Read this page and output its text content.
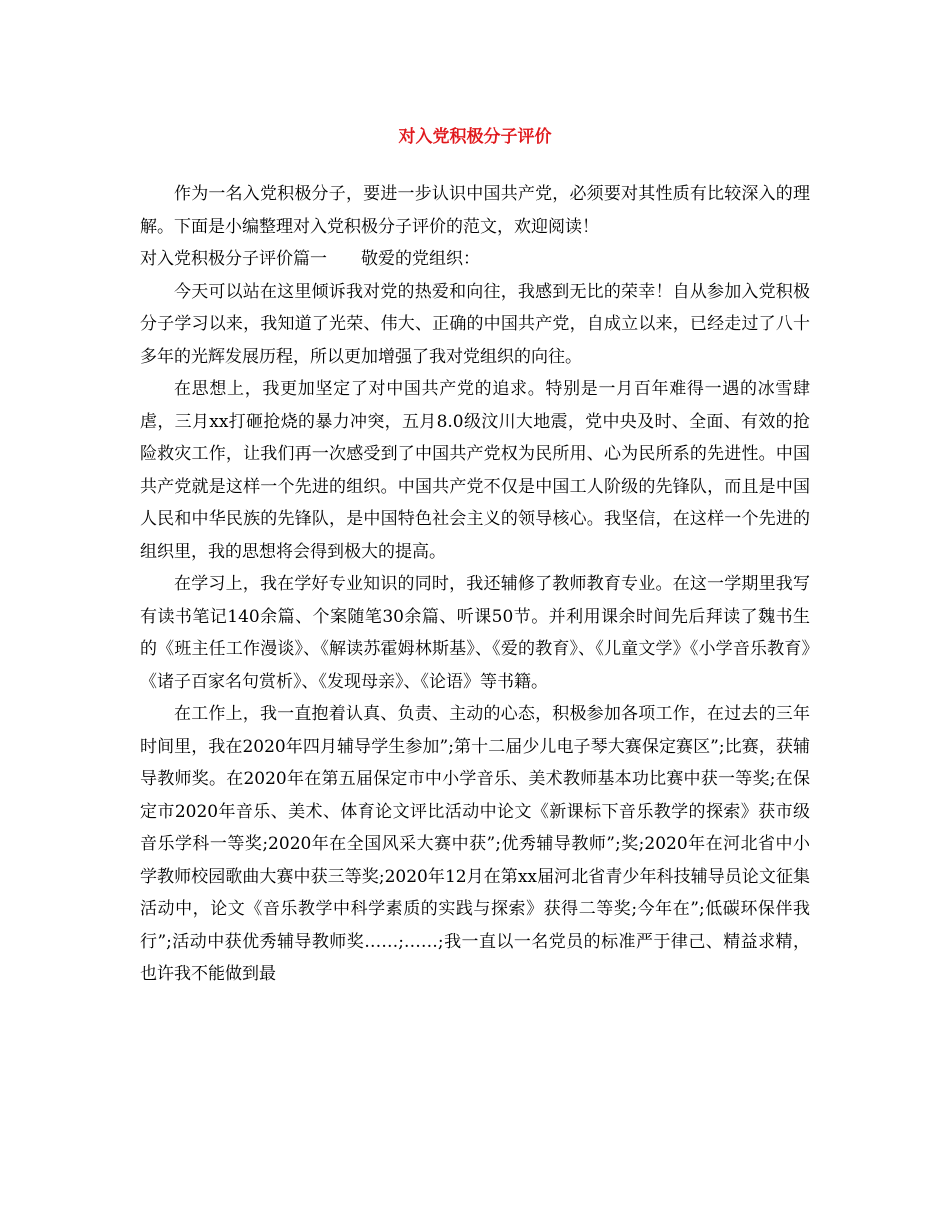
对入党积极分子评价

作为一名入党积极分子，要进一步认识中国共产党，必须要对其性质有比较深入的理解。下面是小编整理对入党积极分子评价的范文，欢迎阅读！

对入党积极分子评价篇一　　敬爱的党组织：

今天可以站在这里倾诉我对党的热爱和向往，我感到无比的荣幸！自从参加入党积极分子学习以来，我知道了光荣、伟大、正确的中国共产党，自成立以来，已经走过了八十多年的光辉发展历程，所以更加增强了我对党组织的向往。

在思想上，我更加坚定了对中国共产党的追求。特别是一月百年难得一遇的冰雪肆虐，三月xx打砸抢烧的暴力冲突，五月8.0级汶川大地震，党中央及时、全面、有效的抢险救灾工作，让我们再一次感受到了中国共产党权为民所用、心为民所系的先进性。中国共产党就是这样一个先进的组织。中国共产党不仅是中国工人阶级的先锋队，而且是中国人民和中华民族的先锋队，是中国特色社会主义的领导核心。我坚信，在这样一个先进的组织里，我的思想将会得到极大的提高。

在学习上，我在学好专业知识的同时，我还辅修了教师教育专业。在这一学期里我写有读书笔记140余篇、个案随笔30余篇、听课50节。并利用课余时间先后拜读了魏书生的《班主任工作漫谈》、《解读苏霍姆林斯基》、《爱的教育》、《儿童文学》《小学音乐教育》《诸子百家名句赏析》、《发现母亲》、《论语》等书籍。

在工作上，我一直抱着认真、负责、主动的心态，积极参加各项工作，在过去的三年时间里，我在2020年四月辅导学生参加”;第十二届少儿电子琴大赛保定赛区”;比赛，获辅导教师奖。在2020年在第五届保定市中小学音乐、美术教师基本功比赛中获一等奖;在保定市2020年音乐、美术、体育论文评比活动中论文《新课标下音乐教学的探索》获市级音乐学科一等奖;2020年在全国风采大赛中获”;优秀辅导教师”;奖;2020年在河北省中小学教师校园歌曲大赛中获三等奖;2020年12月在第xx届河北省青少年科技辅导员论文征集活动中，论文《音乐教学中科学素质的实践与探索》获得二等奖;今年在”;低碳环保伴我行”;活动中获优秀辅导教师奖……;……;我一直以一名党员的标准严于律己、精益求精，也许我不能做到最
